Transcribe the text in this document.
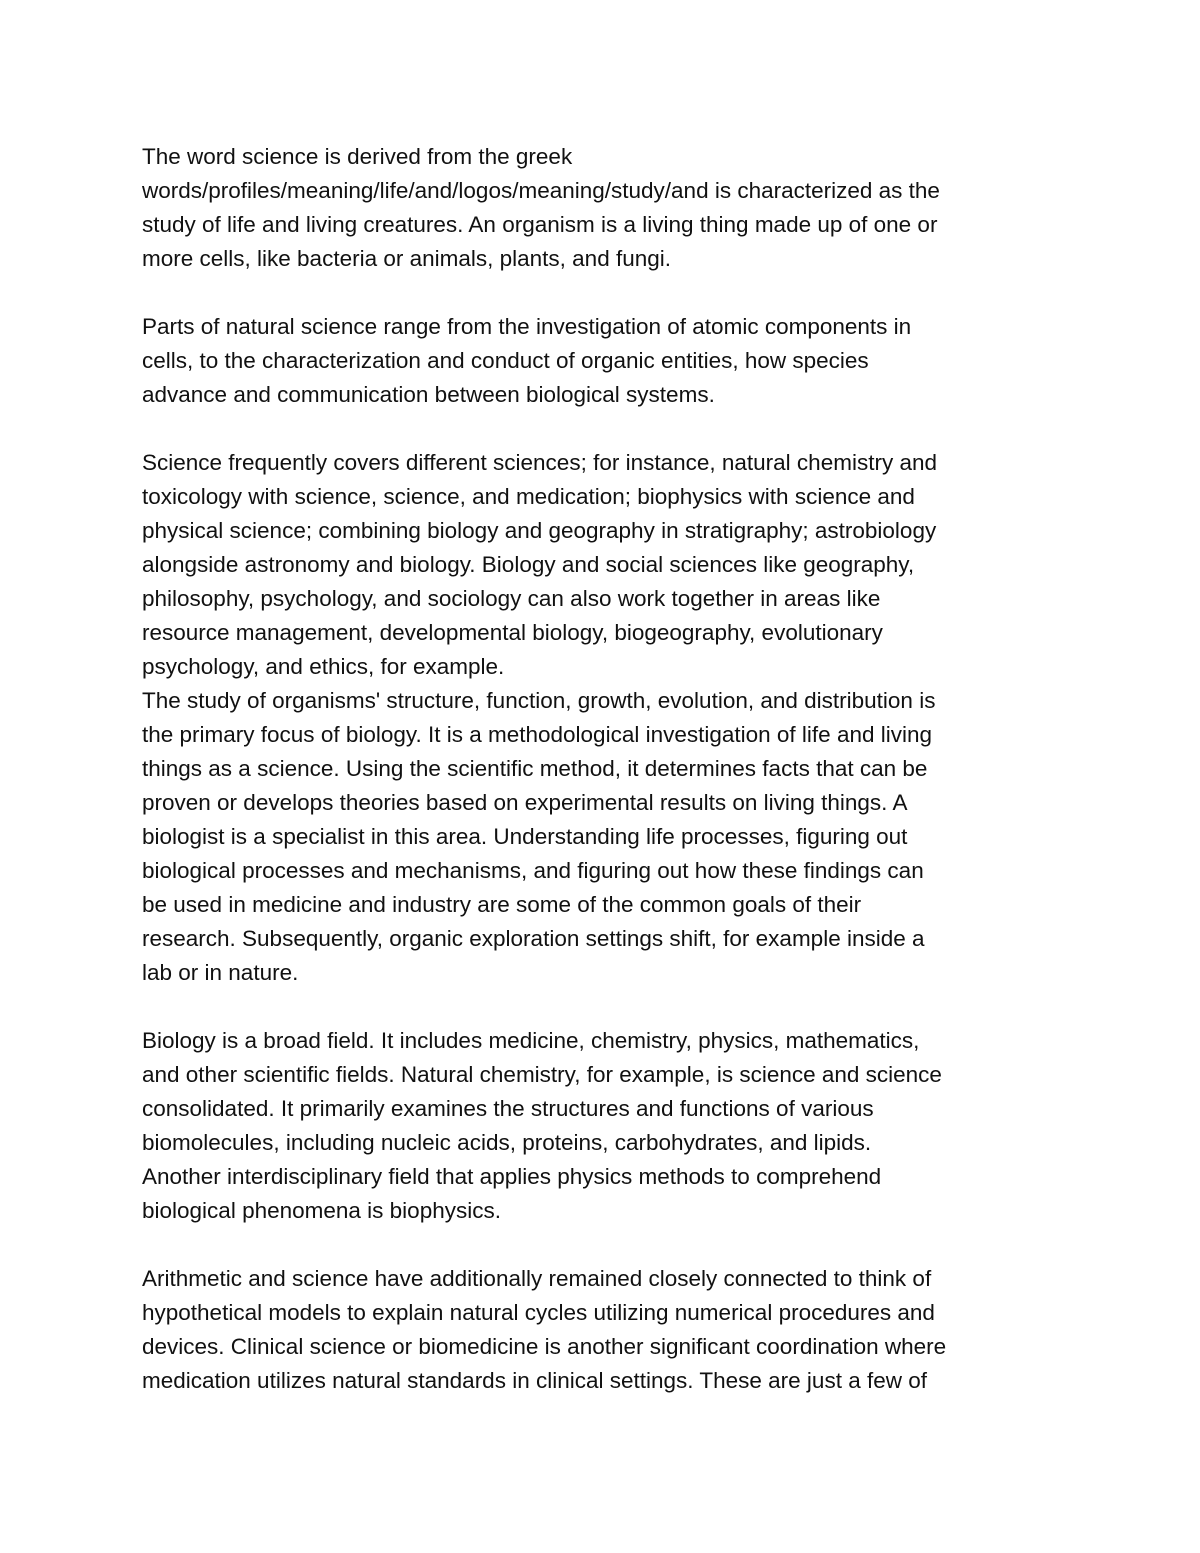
The word science is derived from the greek
words/profiles/meaning/life/and/logos/meaning/study/and is characterized as the
study of life and living creatures. An organism is a living thing made up of one or
more cells, like bacteria or animals, plants, and fungi.
Parts of natural science range from the investigation of atomic components in
cells, to the characterization and conduct of organic entities, how species
advance and communication between biological systems.
Science frequently covers different sciences; for instance, natural chemistry and
toxicology with science, science, and medication; biophysics with science and
physical science; combining biology and geography in stratigraphy; astrobiology
alongside astronomy and biology. Biology and social sciences like geography,
philosophy, psychology, and sociology can also work together in areas like
resource management, developmental biology, biogeography, evolutionary
psychology, and ethics, for example.
The study of organisms' structure, function, growth, evolution, and distribution is
the primary focus of biology. It is a methodological investigation of life and living
things as a science. Using the scientific method, it determines facts that can be
proven or develops theories based on experimental results on living things. A
biologist is a specialist in this area. Understanding life processes, figuring out
biological processes and mechanisms, and figuring out how these findings can
be used in medicine and industry are some of the common goals of their
research. Subsequently, organic exploration settings shift, for example inside a
lab or in nature.
Biology is a broad field. It includes medicine, chemistry, physics, mathematics,
and other scientific fields. Natural chemistry, for example, is science and science
consolidated. It primarily examines the structures and functions of various
biomolecules, including nucleic acids, proteins, carbohydrates, and lipids.
Another interdisciplinary field that applies physics methods to comprehend
biological phenomena is biophysics.
Arithmetic and science have additionally remained closely connected to think of
hypothetical models to explain natural cycles utilizing numerical procedures and
devices. Clinical science or biomedicine is another significant coordination where
medication utilizes natural standards in clinical settings. These are just a few of
